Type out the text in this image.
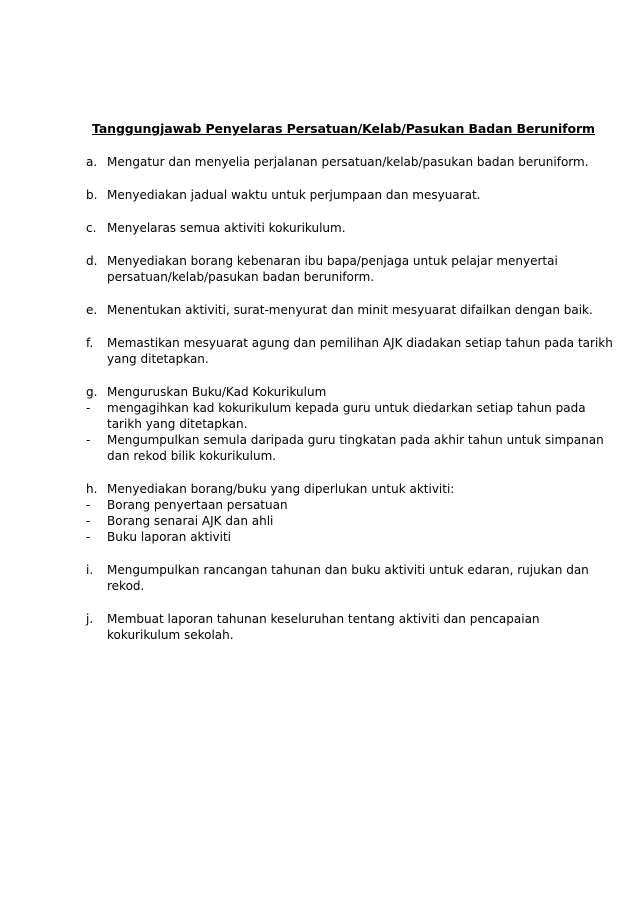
Tanggungjawab Penyelaras Persatuan/Kelab/Pasukan Badan Beruniform
a. Mengatur dan menyelia perjalanan persatuan/kelab/pasukan badan beruniform.
b. Menyediakan jadual waktu untuk perjumpaan dan mesyuarat.
c. Menyelaras semua aktiviti kokurikulum.
d. Menyediakan borang kebenaran ibu bapa/penjaga untuk pelajar menyertai persatuan/kelab/pasukan badan beruniform.
e. Menentukan aktiviti, surat-menyurat dan minit mesyuarat difailkan dengan baik.
f.	Memastikan mesyuarat agung dan pemilihan AJK diadakan setiap tahun pada tarikh yang ditetapkan.
g. Menguruskan Buku/Kad Kokurikulum
-	mengagihkan kad kokurikulum kepada guru untuk diedarkan setiap tahun pada tarikh yang ditetapkan.
-	Mengumpulkan semula daripada guru tingkatan pada akhir tahun untuk simpanan dan rekod bilik kokurikulum.
h. Menyediakan borang/buku yang diperlukan untuk aktiviti:
-	Borang penyertaan persatuan
-	Borang senarai AJK dan ahli
-	Buku laporan aktiviti
i.	Mengumpulkan rancangan tahunan dan buku aktiviti untuk edaran, rujukan dan rekod.
j.	Membuat laporan tahunan keseluruhan tentang aktiviti dan pencapaian kokurikulum sekolah.
